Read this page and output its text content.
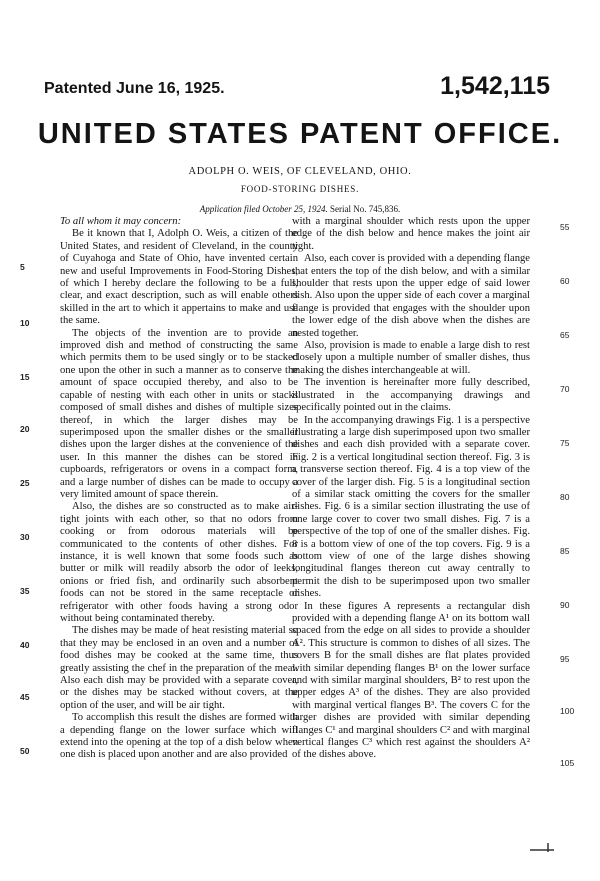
Patented June 16, 1925.	1,542,115
UNITED STATES PATENT OFFICE.
ADOLPH O. WEIS, OF CLEVELAND, OHIO.
FOOD-STORING DISHES.
Application filed October 25, 1924. Serial No. 745,836.

To all whom it may concern:

Be it known that I, Adolph O. Weis, a citizen of the United States, and resident of Cleveland, in the county of Cuyahoga and State of Ohio, have invented certain new and useful Improvements in Food-Storing Dishes, of which I hereby declare the following to be a full, clear, and exact description, such as will enable others skilled in the art to which it appertains to make and use the same.

The objects of the invention are to provide an improved dish and method of constructing the same which permits them to be used singly or to be stacked one upon the other in such a manner as to conserve the amount of space occupied thereby, and also to be capable of nesting with each other in units or stacks composed of small dishes and dishes of multiple sizes thereof, in which the larger dishes may be superimposed upon the smaller dishes or the smaller dishes upon the larger dishes at the convenience of the user. In this manner the dishes can be stored in cupboards, refrigerators or ovens in a compact form, and a large number of dishes can be made to occupy a very limited amount of space therein.

Also, the dishes are so constructed as to make air-tight joints with each other, so that no odors from cooking or from odorous materials will be communicated to the contents of other dishes. For instance, it is well known that some foods such as butter or milk will readily absorb the odor of leeks, onions or fried fish, and ordinarily such absorbent foods can not be stored in the same receptacle or refrigerator with other foods having a strong odor without being contaminated thereby.

The dishes may be made of heat resisting material so that they may be enclosed in an oven and a number of food dishes may be cooked at the same time, thus greatly assisting the chef in the preparation of the meal. Also each dish may be provided with a separate cover, or the dishes may be stacked without covers, at the option of the user, and will be air tight.

To accomplish this result the dishes are formed with a depending flange on the lower surface which will extend into the opening at the top of a dish below when one dish is placed upon another and are also provided

with a marginal shoulder which rests upon the upper edge of the dish below and hence makes the joint air tight.

Also, each cover is provided with a depending flange that enters the top of the dish below, and with a similar shoulder that rests upon the upper edge of said lower dish. Also upon the upper side of each cover a marginal flange is provided that engages with the shoulder upon the lower edge of the dish above when the dishes are nested together.

Also, provision is made to enable a large dish to rest closely upon a multiple number of smaller dishes, thus making the dishes interchangeable at will.

The invention is hereinafter more fully described, illustrated in the accompanying drawings and specifically pointed out in the claims.

In the accompanying drawings Fig. 1 is a perspective illustrating a large dish superimposed upon two smaller dishes and each dish provided with a separate cover. Fig. 2 is a vertical longitudinal section thereof. Fig. 3 is a transverse section thereof. Fig. 4 is a top view of the cover of the larger dish. Fig. 5 is a longitudinal section of a similar stack omitting the covers for the smaller dishes. Fig. 6 is a similar section illustrating the use of one large cover to cover two small dishes. Fig. 7 is a perspective of the top of one of the smaller dishes. Fig. 8 is a bottom view of one of the top covers. Fig. 9 is a bottom view of one of the large dishes showing longitudinal flanges thereon cut away centrally to permit the dish to be superimposed upon two smaller dishes.

In these figures A represents a rectangular dish provided with a depending flange A¹ on its bottom wall spaced from the edge on all sides to provide a shoulder A². This structure is common to dishes of all sizes. The covers B for the small dishes are flat plates provided with similar depending flanges B¹ on the lower surface and with similar marginal shoulders, B² to rest upon the upper edges A³ of the dishes. They are also provided with marginal vertical flanges B³. The covers C for the larger dishes are provided with similar depending flanges C¹ and marginal shoulders C² and with marginal vertical flanges C³ which rest against the shoulders A² of the dishes above.

5
10
15
20
25
30
35
40
45
50
55
60
65
70
75
80
85
90
95
100
105
